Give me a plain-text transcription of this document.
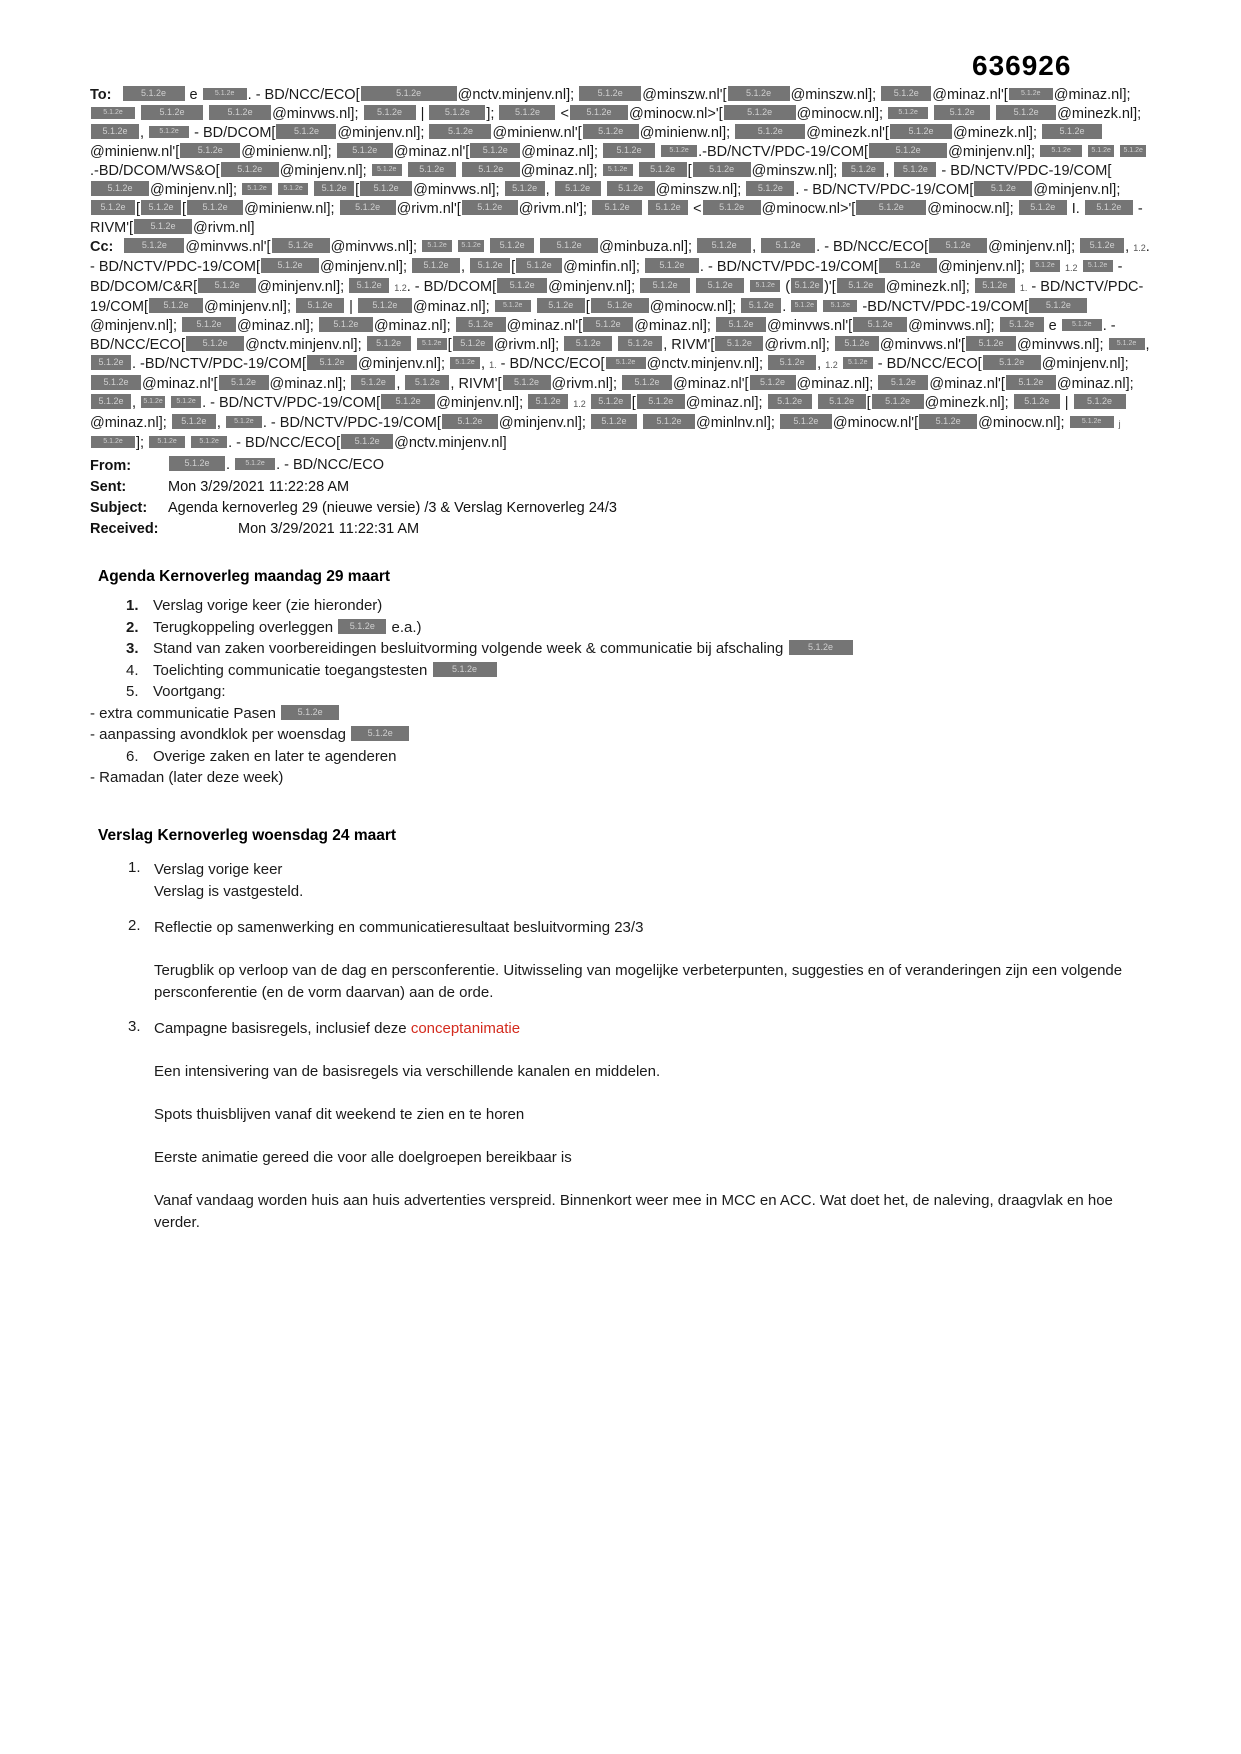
636926
To:	5.1.2e e 5.1.2e . - BD/NCC/ECO[	5.1.2e	@nctv.minjenv.nl];	5.1.2e @minszw.nl'[ 5.1.2e @minszw.nl]; 5.1.2e @minaz.nl'[ 5.1.2e @minaz.nl]; 5.1.2e	5.1.2e	5.1.2e @minvws.nl]; 5.1.2e | 5.1.2e ]; 5.1.2e < 5.1.2e @minocw.nl>'[	5.1.2e @minocw.nl]; 5.1.2e	5.1.2e	5.1.2e @minezk.nl]; 5.1.2e , 5.1.2e - BD/DCOM[ 5.1.2e @minjenv.nl];	5.1.2e @minienw.nl'[ 5.1.2e @minienw.nl];	5.1.2e @minezk.nl'[ 5.1.2e @minezk.nl];	5.1.2e@minienw.nl'[ 5.1.2e @minienw.nl]; 5.1.2e @minaz.nl'[ 5.1.2e @minaz.nl]; 5.1.2e	5.1.2e .-BD/NCTV/PDC-19/COM[	5.1.2e @minjenv.nl]; 5.1.2e	5.1.2e 5.1.2e.-BD/DCOM/WS&O[ 5.1.2e @minjenv.nl]; 5.1.2e	5.1.2e	5.1.2e @minaz.nl]; 5.1.2e	5.1.2e [ 5.1.2e @minszw.nl]; 5.1.2e , 5.1.2e - BD/NCTV/PDC-19/COM[5.1.2e @minjenv.nl]; 5.1.2e 5.1.2e 5.1.2e [ 5.1.2e @minvws.nl]; 5.1.2e , 5.1.2e	5.1.2e @minszw.nl]; 5.1.2e . - BD/NCTV/PDC-19/COM[ 5.1.2e @minjenv.nl]; 5.1.2e [ 5.1.2e [ 5.1.2e @minienw.nl]; 5.1.2e @rivm.nl'[ 5.1.2e @rivm.nl']; 5.1.2e	5.1.2e < 5.1.2e @minocw.nl>'[	5.1.2e @minocw.nl]; 5.1.2e I. 5.1.2e - RIVM'[ 5.1.2e @rivm.nl]
Cc:	5.1.2e @minvws.nl'[ 5.1.2e @minvws.nl]; 5.1.2e 5.1.2e 5.1.2e	5.1.2e @minbuza.nl]; 5.1.2e , 5.1.2e . - BD/NCC/ECO[ 5.1.2e @minjenv.nl]; 5.1.2e , 1.2. - BD/NCTV/PDC-19/COM[ 5.1.2e @minjenv.nl]; 5.1.2e , 5.1.2e [ 5.1.2e @minfin.nl]; 5.1.2e . - BD/NCTV/PDC-19/COM[ 5.1.2e @minjenv.nl]; 5.1.2e 1.2 5.1.2e - BD/DCOM/C&R[ 5.1.2e @minjenv.nl]; 5.1.2e 1.2. - BD/DCOM[ 5.1.2e @minjenv.nl]; 5.1.2e	5.1.2e	5.1.2e ( 5.1.2e )'[ 5.1.2e @minezk.nl]; 5.1.2e 1. - BD/NCTV/PDC-19/COM[ 5.1.2e @minjenv.nl]; 5.1.2e | 5.1.2e @minaz.nl]; 5.1.2e	5.1.2e [ 5.1.2e @minocw.nl]; 5.1.2e . 5.1.2e 5.1.2e -BD/NCTV/PDC-19/COM[ 5.1.2e@minjenv.nl]; 5.1.2e @minaz.nl]; 5.1.2e @minaz.nl]; 5.1.2e @minaz.nl'[ 5.1.2e @minaz.nl]; 5.1.2e @minvws.nl'[ 5.1.2e @minvws.nl]; 5.1.2e e 5.1.2e . - BD/NCC/ECO[ 5.1.2e @nctv.minjenv.nl]; 5.1.2e	5.1.2e [ 5.1.2e @rivm.nl]; 5.1.2e	5.1.2e , RIVM'[ 5.1.2e @rivm.nl]; 5.1.2e @minvws.nl'[ 5.1.2e @minvws.nl]; 5.1.2e , 5.1.2e . -BD/NCTV/PDC-19/COM[ 5.1.2e @minjenv.nl]; 5.1.2e , 1. - BD/NCC/ECO[ 5.1.2e @nctv.minjenv.nl]; 5.1.2e , 1.2 5.1.2e - BD/NCC/ECO[ 5.1.2e @minjenv.nl]; 5.1.2e @minaz.nl'[ 5.1.2e @minaz.nl]; 5.1.2e , 5.1.2e , RIVM'[ 5.1.2e @rivm.nl]; 5.1.2e @minaz.nl'[ 5.1.2e @minaz.nl]; 5.1.2e @minaz.nl'[ 5.1.2e @minaz.nl]; 5.1.2e , 5.1.2e 5.1.2e . - BD/NCTV/PDC-19/COM[ 5.1.2e @minjenv.nl]; 5.1.2e 1.2 5.1.2e [ 5.1.2e @minaz.nl]; 5.1.2e	5.1.2e [ 5.1.2e @minezk.nl]; 5.1.2e | 5.1.2e@minaz.nl]; 5.1.2e , 5.1.2e . - BD/NCTV/PDC-19/COM[ 5.1.2e @minjenv.nl]; 5.1.2e	5.1.2e @minlnv.nl]; 5.1.2e @minocw.nl'[ 5.1.2e @minocw.nl]; 5.1.2e j 5.1.2e ]; 5.1.2e	5.1.2e . - BD/NCC/ECO[ 5.1.2e @nctv.minjenv.nl]
From:	5.1.2e . 5.1.2e . - BD/NCC/ECO
Sent:	Mon 3/29/2021 11:22:28 AM
Subject:	Agenda kernoverleg 29 (nieuwe versie) /3 & Verslag Kernoverleg 24/3
Received:	Mon 3/29/2021 11:22:31 AM
Agenda Kernoverleg maandag 29 maart
1. Verslag vorige keer (zie hieronder)
2. Terugkoppeling overleggen 5.1.2e e.a.)
3. Stand van zaken voorbereidingen besluitvorming volgende week & communicatie bij afschaling	5.1.2e
4. Toelichting communicatie toegangstesten	5.1.2e
5. Voortgang:
- extra communicatie Pasen 5.1.2e
- aanpassing avondklok per woensdag 5.1.2e
6. Overige zaken en later te agenderen
- Ramadan (later deze week)
Verslag Kernoverleg woensdag 24 maart
1. Verslag vorige keer
Verslag is vastgesteld.
2. Reflectie op samenwerking en communicatieresultaat besluitvorming 23/3
Terugblik op verloop van de dag en persconferentie. Uitwisseling van mogelijke verbeterpunten, suggesties en of veranderingen zijn een volgende persconferentie (en de vorm daarvan) aan de orde.
3. Campagne basisregels, inclusief deze conceptanimatie
Een intensivering van de basisregels via verschillende kanalen en middelen.
Spots thuisblijven vanaf dit weekend te zien en te horen
Eerste animatie gereed die voor alle doelgroepen bereikbaar is
Vanaf vandaag worden huis aan huis advertenties verspreid. Binnenkort weer mee in MCC en ACC. Wat doet het, de naleving, draagvlak en hoe verder.
